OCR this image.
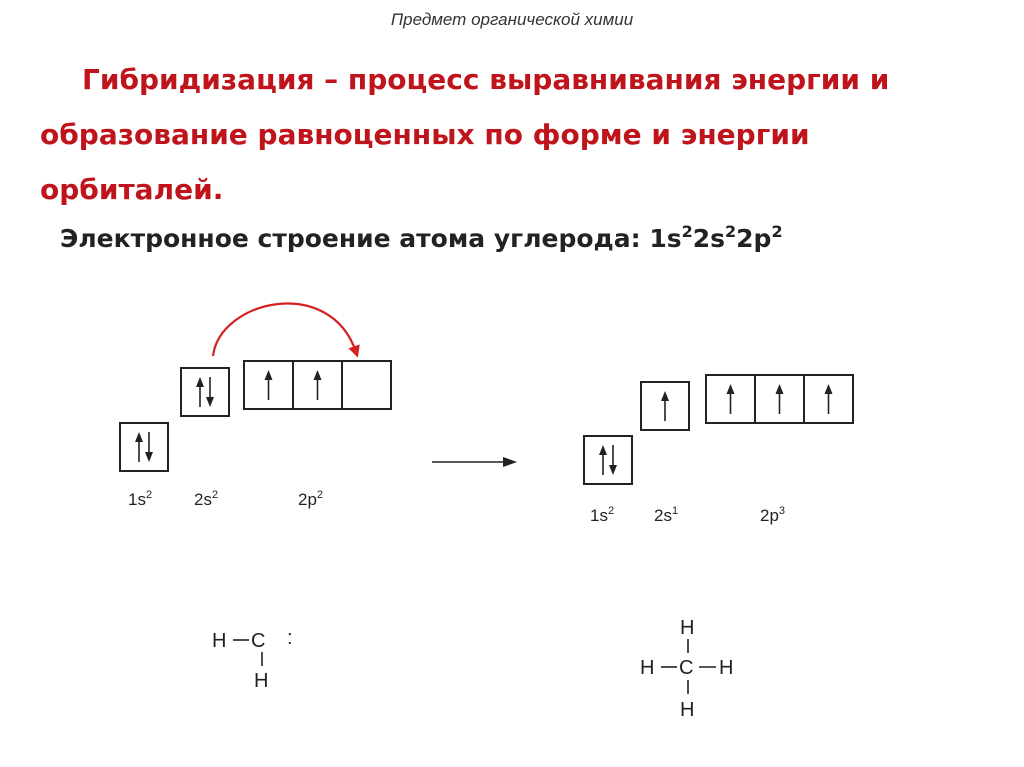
Предмет органической химии
Гибридизация – процесс выравнивания энергии и образование равноценных по форме и энергии орбиталей.
Электронное строение атома углерода: $1s^22s^22p^2$
$1s^2$ $2s^2$	$2p^2$
$1s^2$ $2s^1$	$2p^3$
H C
H
:	H
H C H
H
